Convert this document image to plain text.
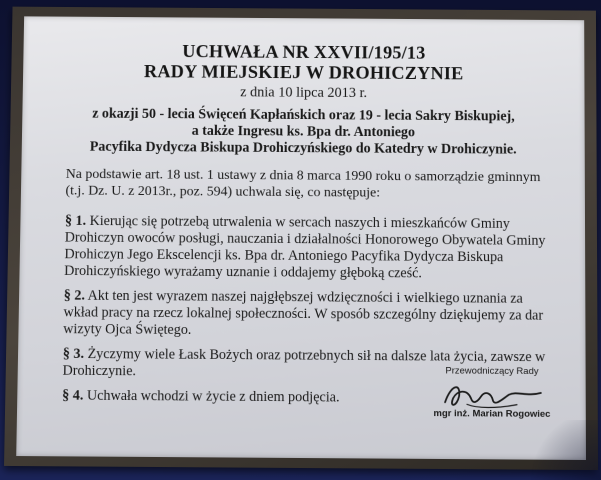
UCHWAŁA NR XXVII/195/13
RADY MIEJSKIEJ W DROHICZYNIE
z dnia 10 lipca 2013 r.
z okazji 50 - lecia Święceń Kapłańskich oraz 19 - lecia Sakry Biskupiej,
a także Ingresu ks. Bpa dr. Antoniego
Pacyfika Dydycza Biskupa Drohiczyńskiego do Katedry w Drohiczynie.
Na podstawie art. 18 ust. 1 ustawy z dnia 8 marca 1990 roku o samorządzie gminnym (t.j. Dz. U. z 2013r., poz. 594) uchwala się, co następuje:
§ 1. Kierując się potrzebą utrwalenia w sercach naszych i mieszkańców Gminy Drohiczyn owoców posługi, nauczania i działalności Honorowego Obywatela Gminy Drohiczyn Jego Ekscelencji ks. Bpa dr. Antoniego Pacyfika Dydycza Biskupa Drohiczyńskiego wyrażamy uznanie i oddajemy głęboką cześć.
§ 2. Akt ten jest wyrazem naszej najgłębszej wdzięczności i wielkiego uznania za wkład pracy na rzecz lokalnej społeczności. W sposób szczególny dziękujemy za dar wizyty Ojca Świętego.
§ 3. Życzymy wiele Łask Bożych oraz potrzebnych sił na dalsze lata życia, zawsze w Drohiczynie.
§ 4. Uchwała wchodzi w życie z dniem podjęcia.
Przewodniczący Rady
mgr inż. Marian Rogowiec
